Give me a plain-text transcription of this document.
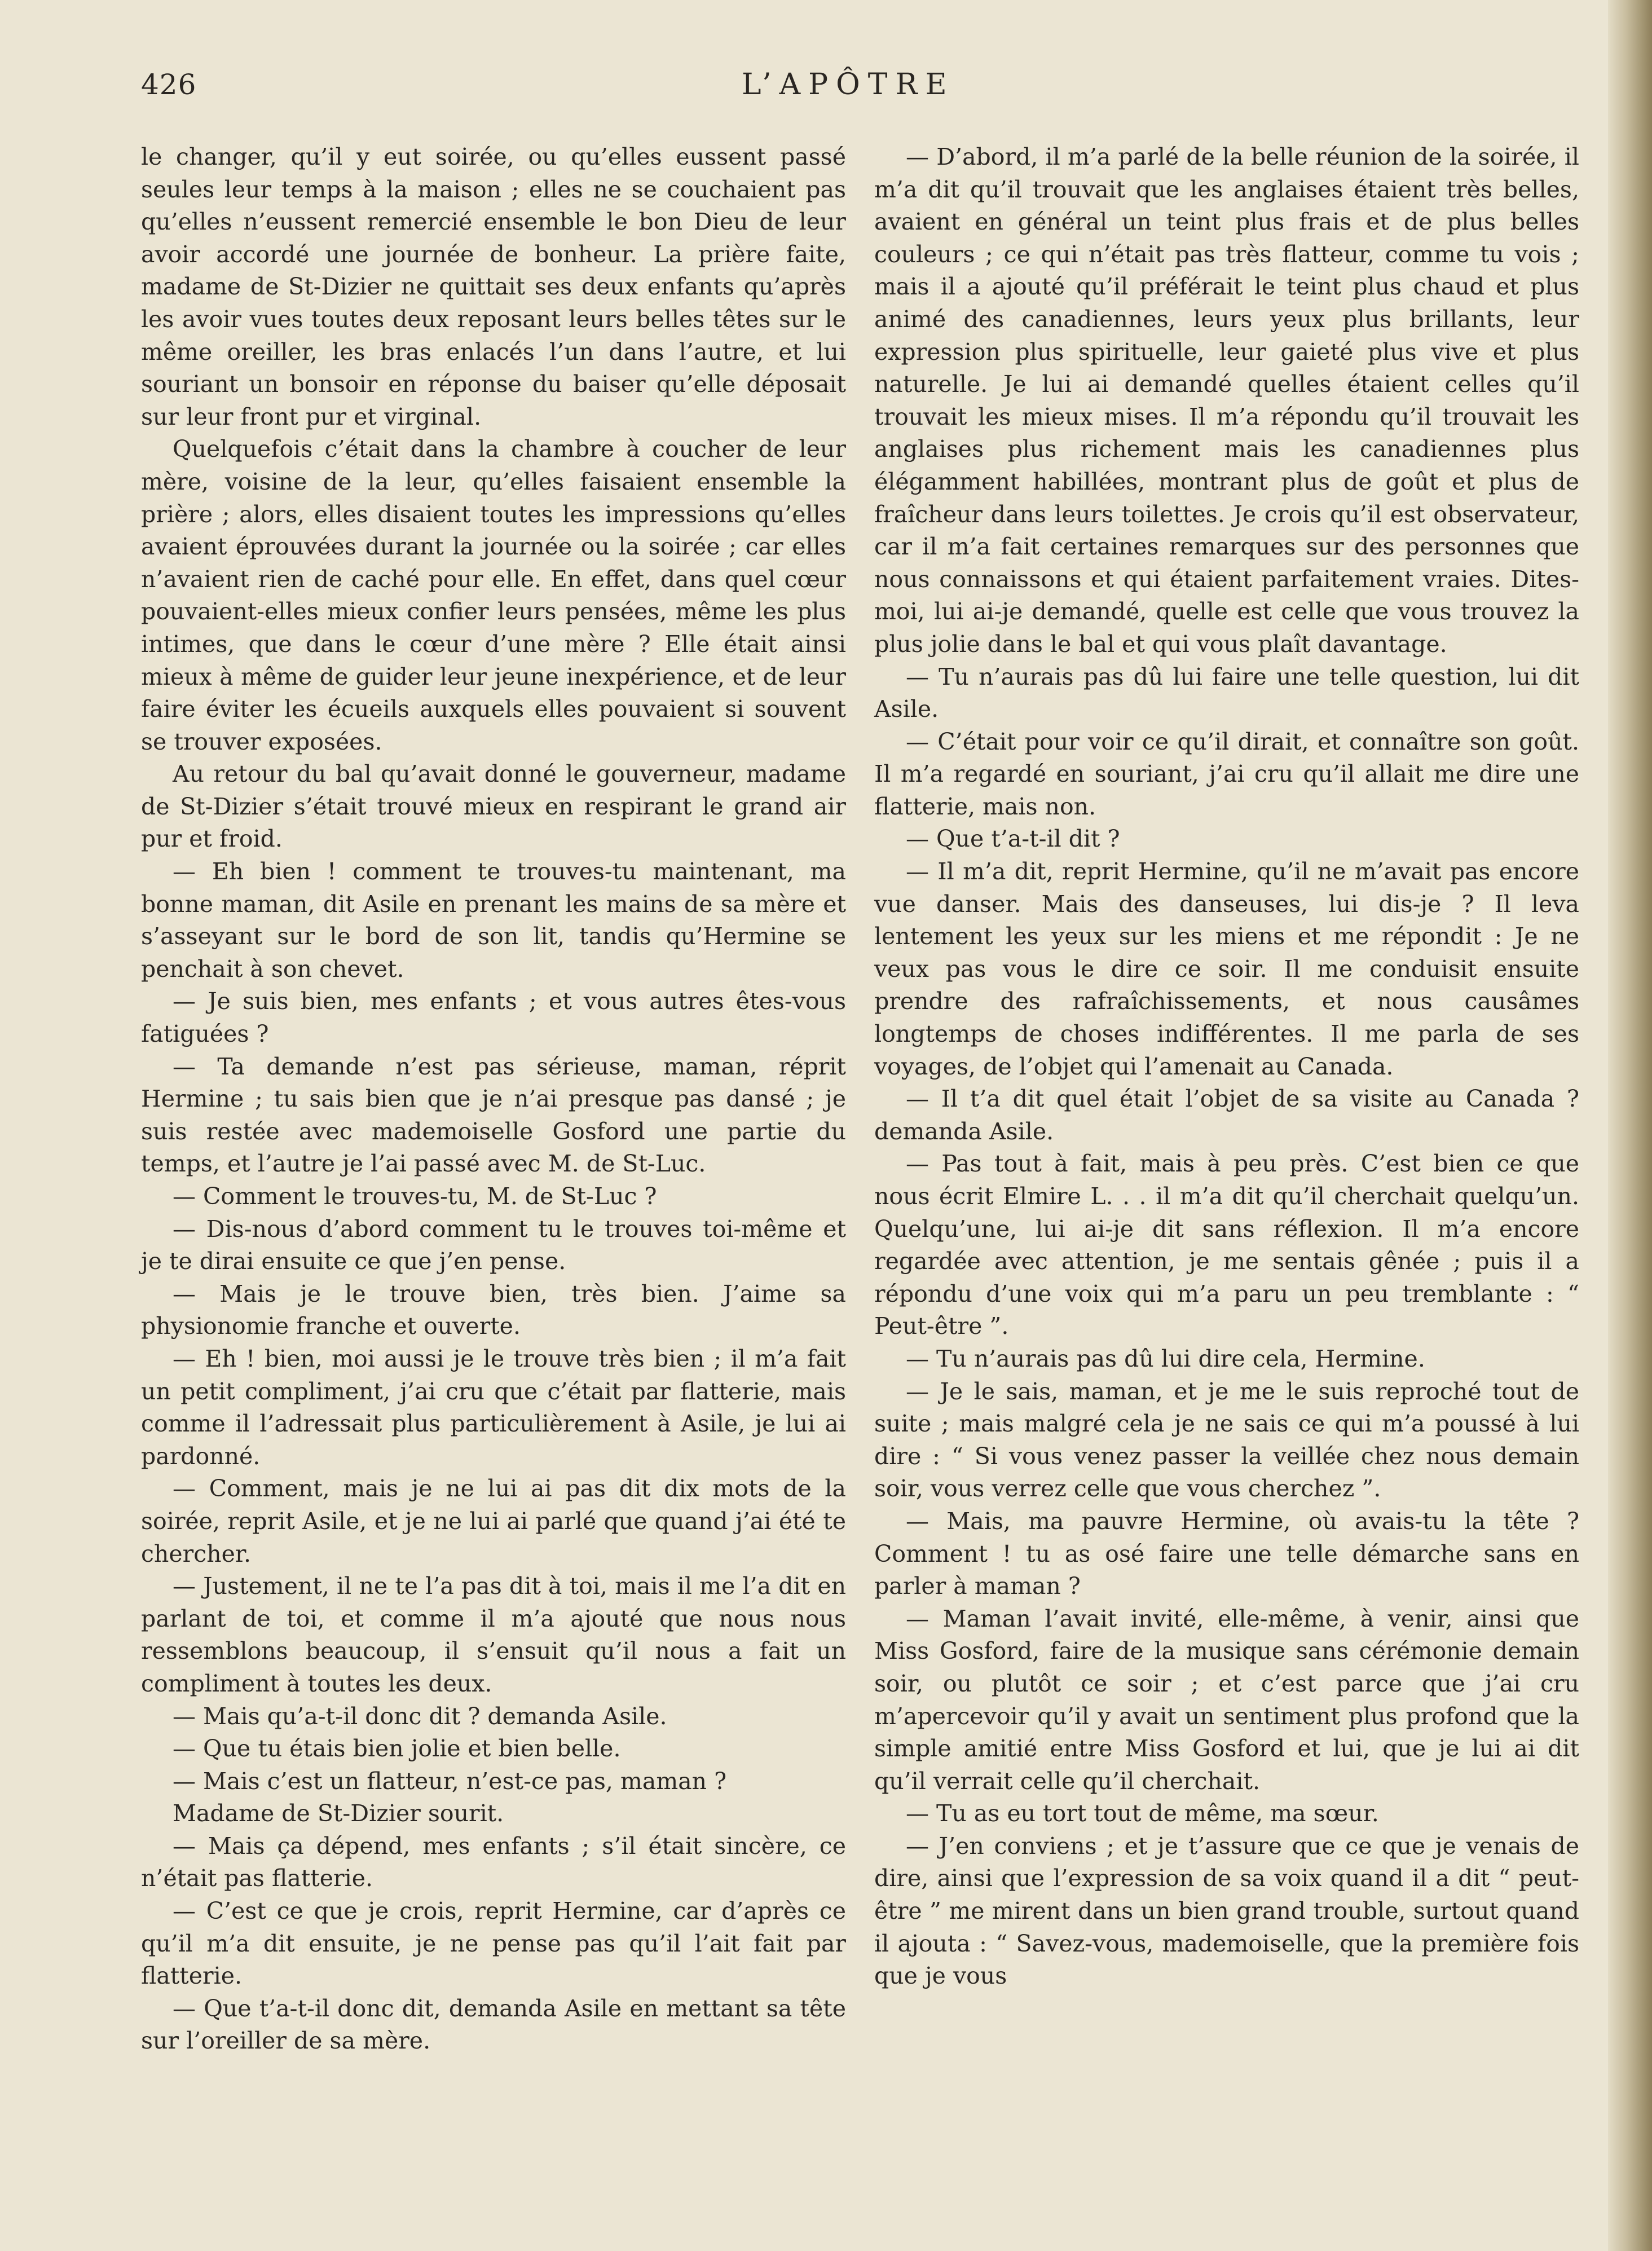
426	L’APÔTRE

le changer, qu’il y eut soirée, ou qu’elles eussent passé seules leur temps à la maison ; elles ne se couchaient pas qu’elles n’eussent remercié ensemble le bon Dieu de leur avoir accordé une journée de bonheur. La prière faite, madame de St-Dizier ne quittait ses deux enfants qu’après les avoir vues toutes deux reposant leurs belles têtes sur le même oreiller, les bras enlacés l’un dans l’autre, et lui souriant un bonsoir en réponse du baiser qu’elle déposait sur leur front pur et virginal.

Quelquefois c’était dans la chambre à coucher de leur mère, voisine de la leur, qu’elles faisaient ensemble la prière ; alors, elles disaient toutes les impressions qu’elles avaient éprouvées durant la journée ou la soirée ; car elles n’avaient rien de caché pour elle. En effet, dans quel cœur pouvaient-elles mieux confier leurs pensées, même les plus intimes, que dans le cœur d’une mère ? Elle était ainsi mieux à même de guider leur jeune inexpérience, et de leur faire éviter les écueils auxquels elles pouvaient si souvent se trouver exposées.

Au retour du bal qu’avait donné le gouverneur, madame de St-Dizier s’était trouvé mieux en respirant le grand air pur et froid.

— Eh bien ! comment te trouves-tu maintenant, ma bonne maman, dit Asile en prenant les mains de sa mère et s’asseyant sur le bord de son lit, tandis qu’Hermine se penchait à son chevet.

— Je suis bien, mes enfants ; et vous autres êtes-vous fatiguées ?

— Ta demande n’est pas sérieuse, maman, réprit Hermine ; tu sais bien que je n’ai presque pas dansé ; je suis restée avec mademoiselle Gosford une partie du temps, et l’autre je l’ai passé avec M. de St-Luc.

— Comment le trouves-tu, M. de St-Luc ?

— Dis-nous d’abord comment tu le trouves toi-même et je te dirai ensuite ce que j’en pense.

— Mais je le trouve bien, très bien. J’aime sa physionomie franche et ouverte.

— Eh ! bien, moi aussi je le trouve très bien ; il m’a fait un petit compliment, j’ai cru que c’était par flatterie, mais comme il l’adressait plus particulièrement à Asile, je lui ai pardonné.

— Comment, mais je ne lui ai pas dit dix mots de la soirée, reprit Asile, et je ne lui ai parlé que quand j’ai été te chercher.

— Justement, il ne te l’a pas dit à toi, mais il me l’a dit en parlant de toi, et comme il m’a ajouté que nous nous ressemblons beaucoup, il s’ensuit qu’il nous a fait un compliment à toutes les deux.

— Mais qu’a-t-il donc dit ? demanda Asile.

— Que tu étais bien jolie et bien belle.

— Mais c’est un flatteur, n’est-ce pas, maman ?

Madame de St-Dizier sourit.

— Mais ça dépend, mes enfants ; s’il était sincère, ce n’était pas flatterie.

— C’est ce que je crois, reprit Hermine, car d’après ce qu’il m’a dit ensuite, je ne pense pas qu’il l’ait fait par flatterie.

— Que t’a-t-il donc dit, demanda Asile en mettant sa tête sur l’oreiller de sa mère.

— D’abord, il m’a parlé de la belle réunion de la soirée, il m’a dit qu’il trouvait que les anglaises étaient très belles, avaient en général un teint plus frais et de plus belles couleurs ; ce qui n’était pas très flatteur, comme tu vois ; mais il a ajouté qu’il préférait le teint plus chaud et plus animé des canadiennes, leurs yeux plus brillants, leur expression plus spirituelle, leur gaieté plus vive et plus naturelle. Je lui ai demandé quelles étaient celles qu’il trouvait les mieux mises. Il m’a répondu qu’il trouvait les anglaises plus richement mais les canadiennes plus élégamment habillées, montrant plus de goût et plus de fraîcheur dans leurs toilettes. Je crois qu’il est observateur, car il m’a fait certaines remarques sur des personnes que nous connaissons et qui étaient parfaitement vraies. Dites-moi, lui ai-je demandé, quelle est celle que vous trouvez la plus jolie dans le bal et qui vous plaît davantage.

— Tu n’aurais pas dû lui faire une telle question, lui dit Asile.

— C’était pour voir ce qu’il dirait, et connaître son goût. Il m’a regardé en souriant, j’ai cru qu’il allait me dire une flatterie, mais non.

— Que t’a-t-il dit ?

— Il m’a dit, reprit Hermine, qu’il ne m’avait pas encore vue danser. Mais des danseuses, lui dis-je ? Il leva lentement les yeux sur les miens et me répondit : Je ne veux pas vous le dire ce soir. Il me conduisit ensuite prendre des rafraîchissements, et nous causâmes longtemps de choses indifférentes. Il me parla de ses voyages, de l’objet qui l’amenait au Canada.

— Il t’a dit quel était l’objet de sa visite au Canada ? demanda Asile.

— Pas tout à fait, mais à peu près. C’est bien ce que nous écrit Elmire L. . . il m’a dit qu’il cherchait quelqu’un. Quelqu’une, lui ai-je dit sans réflexion. Il m’a encore regardée avec attention, je me sentais gênée ; puis il a répondu d’une voix qui m’a paru un peu tremblante : “ Peut-être ”.

— Tu n’aurais pas dû lui dire cela, Hermine.

— Je le sais, maman, et je me le suis reproché tout de suite ; mais malgré cela je ne sais ce qui m’a poussé à lui dire : “ Si vous venez passer la veillée chez nous demain soir, vous verrez celle que vous cherchez ”.

— Mais, ma pauvre Hermine, où avais-tu la tête ? Comment ! tu as osé faire une telle démarche sans en parler à maman ?

— Maman l’avait invité, elle-même, à venir, ainsi que Miss Gosford, faire de la musique sans cérémonie demain soir, ou plutôt ce soir ; et c’est parce que j’ai cru m’apercevoir qu’il y avait un sentiment plus profond que la simple amitié entre Miss Gosford et lui, que je lui ai dit qu’il verrait celle qu’il cherchait.

— Tu as eu tort tout de même, ma sœur.

— J’en conviens ; et je t’assure que ce que je venais de dire, ainsi que l’expression de sa voix quand il a dit “ peut-être ” me mirent dans un bien grand trouble, surtout quand il ajouta : “ Savez-vous, mademoiselle, que la première fois que je vous
